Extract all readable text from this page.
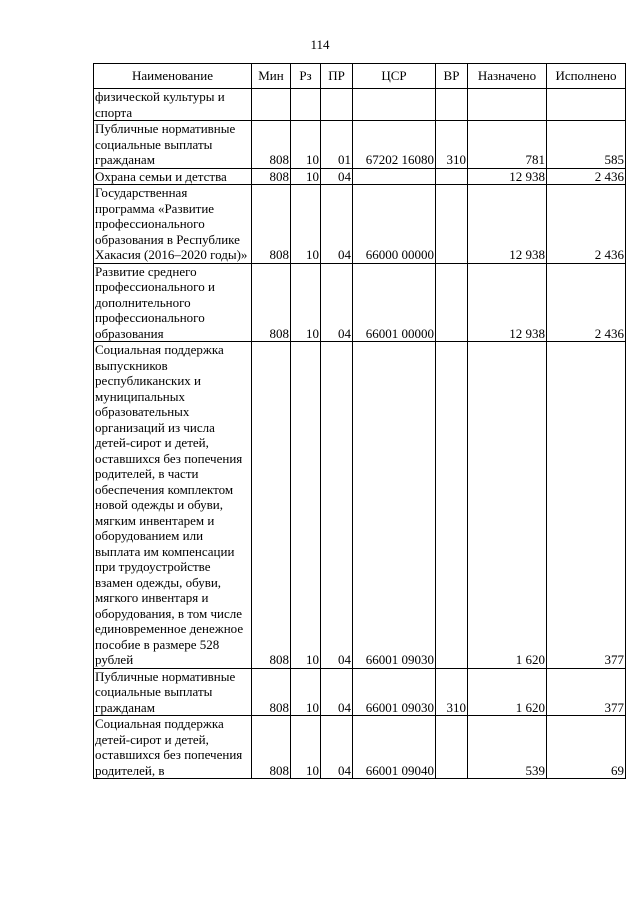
114
Наименование	Мин	Рз	ПР	ЦСР	ВР	Назначено	Исполнено
физической культуры и спорта							
Публичные нормативные социальные выплаты гражданам	808	10	01	67202 16080	310	781	585
Охрана семьи и детства	808	10	04			12 938	2 436
Государственная программа «Развитие профессионального образования в Республике Хакасия (2016–2020 годы)»	808	10	04	66000 00000		12 938	2 436
Развитие среднего профессионального и дополнительного профессионального образования	808	10	04	66001 00000		12 938	2 436
Социальная поддержка выпускников республиканских и муниципальных образовательных организаций из числа детей-сирот и детей, оставшихся без попечения родителей, в части обеспечения комплектом новой одежды и обуви, мягким инвентарем и оборудованием или выплата им компенсации при трудоустройстве взамен одежды, обуви, мягкого инвентаря и оборудования, в том числе единовременное денежное пособие в размере 528 рублей	808	10	04	66001 09030		1 620	377
Публичные нормативные социальные выплаты гражданам	808	10	04	66001 09030	310	1 620	377
Социальная поддержка детей-сирот и детей, оставшихся без попечения родителей, в	808	10	04	66001 09040		539	69
